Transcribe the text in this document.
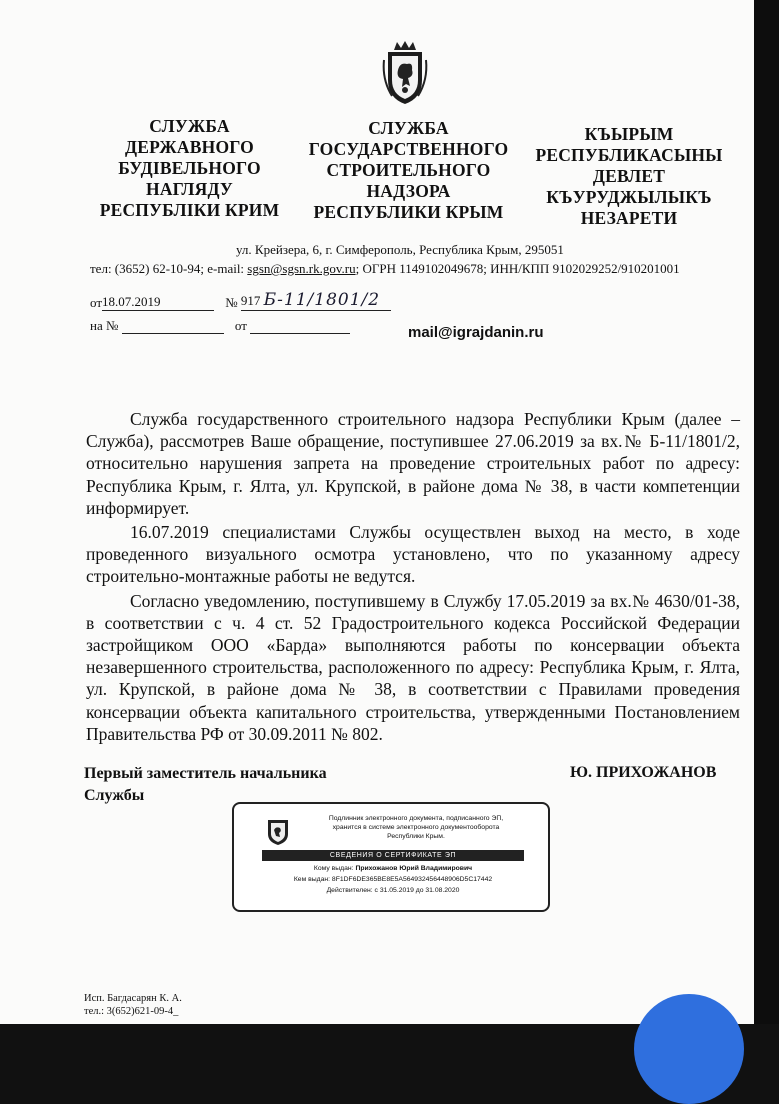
СЛУЖБА
ДЕРЖАВНОГО
БУДІВЕЛЬНОГО
НАГЛЯДУ
РЕСПУБЛІКИ КРИМ
СЛУЖБА
ГОСУДАРСТВЕННОГО
СТРОИТЕЛЬНОГО
НАДЗОРА
РЕСПУБЛИКИ КРЫМ
КЪЫРЫМ
РЕСПУБЛИКАСЫНЫ
ДЕВЛЕТ
КЪУРУДЖЫЛЫКЪ
НЕЗАРЕТИ
ул. Крейзера, 6, г. Симферополь, Республика Крым, 295051
тел: (3652) 62-10-94; e-mail: sgsn@sgsn.rk.gov.ru; ОГРН 1149102049678; ИНН/КПП 9102029252/910201001
от18.07.2019	№ 917 Б-11/1801/2
на №	от	mail@igrajdanin.ru

Служба государственного строительного надзора Республики Крым (далее – Служба), рассмотрев Ваше обращение, поступившее 27.06.2019 за вх.№ Б-11/1801/2, относительно нарушения запрета на проведение строительных работ по адресу: Республика Крым, г. Ялта, ул. Крупской, в районе дома № 38, в части компетенции информирует.

16.07.2019 специалистами Службы осуществлен выход на место, в ходе проведенного визуального осмотра установлено, что по указанному адресу строительно-монтажные работы не ведутся.

Согласно уведомлению, поступившему в Службу 17.05.2019 за вх.№ 4630/01-38, в соответствии с ч. 4 ст. 52 Градостроительного кодекса Российской Федерации застройщиком ООО «Барда» выполняются работы по консервации объекта незавершенного строительства, расположенного по адресу: Республика Крым, г. Ялта, ул. Крупской, в районе дома № 38, в соответствии с Правилами проведения консервации объекта капитального строительства, утвержденными Постановлением Правительства РФ от 30.09.2011 № 802.

Первый заместитель начальника
Службы
Ю. ПРИХОЖАНОВ
Подлинник электронного документа, подписанного ЭП,
хранится в системе электронного документооборота
Республики Крым.
СВЕДЕНИЯ О СЕРТИФИКАТЕ ЭП
Кому выдан: Прихожанов Юрий Владимирович
Кем выдан: 8F1DF6DE365BE8E5A564932456448906D5C17442
Действителен: с 31.05.2019 до 31.08.2020
Исп. Багдасарян К. А.
тел.: 3(652)621-09-4_
